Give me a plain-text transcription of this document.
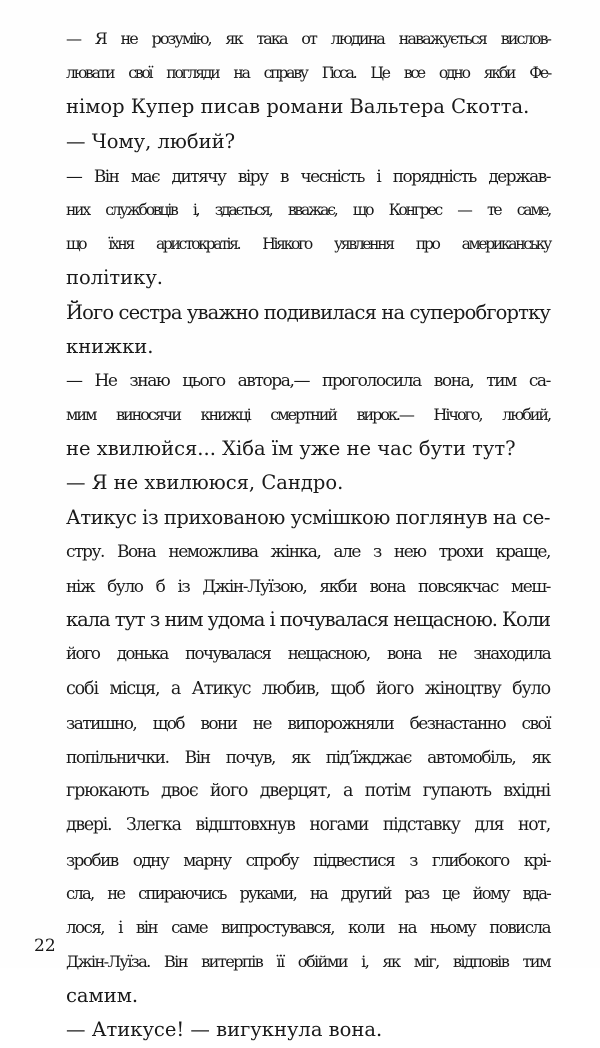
— Я не розумію, як така от людина наважується вислов-
лювати свої погляди на справу Гісса. Це все одно якби Фе-
німор Купер писав романи Вальтера Скотта.
— Чому, любий?
— Він має дитячу віру в чесність і порядність держав-
них службовців і, здається, вважає, що Конгрес — те саме,
що їхня аристократія. Ніякого уявлення про американську
політику.
Його сестра уважно подивилася на суперобгортку
книжки.
— Не знаю цього автора,— проголосила вона, тим са-
мим виносячи книжці смертний вирок.— Нічого, любий,
не хвилюйся... Хіба їм уже не час бути тут?
— Я не хвилююся, Сандро.
Атикус із прихованою усмішкою поглянув на се-
стру. Вона неможлива жінка, але з нею трохи краще,
ніж було б із Джін-Луїзою, якби вона повсякчас меш-
кала тут з ним удома і почувалася нещасною. Коли
його донька почувалася нещасною, вона не знаходила
собі місця, а Атикус любив, щоб його жіноцтву було
затишно, щоб вони не випорожняли безнастанно свої
попільнички. Він почув, як під’їжджає автомобіль, як
грюкають двоє його дверцят, а потім гупають вхідні
двері. Злегка відштовхнув ногами підставку для нот,
зробив одну марну спробу підвестися з глибокого крі-
сла, не спираючись руками, на другий раз це йому вда-
лося, і він саме випростувався, коли на ньому повисла
Джін-Луїза. Він витерпів її обійми і, як міг, відповів тим
самим.
— Атикусе! — вигукнула вона.
22
